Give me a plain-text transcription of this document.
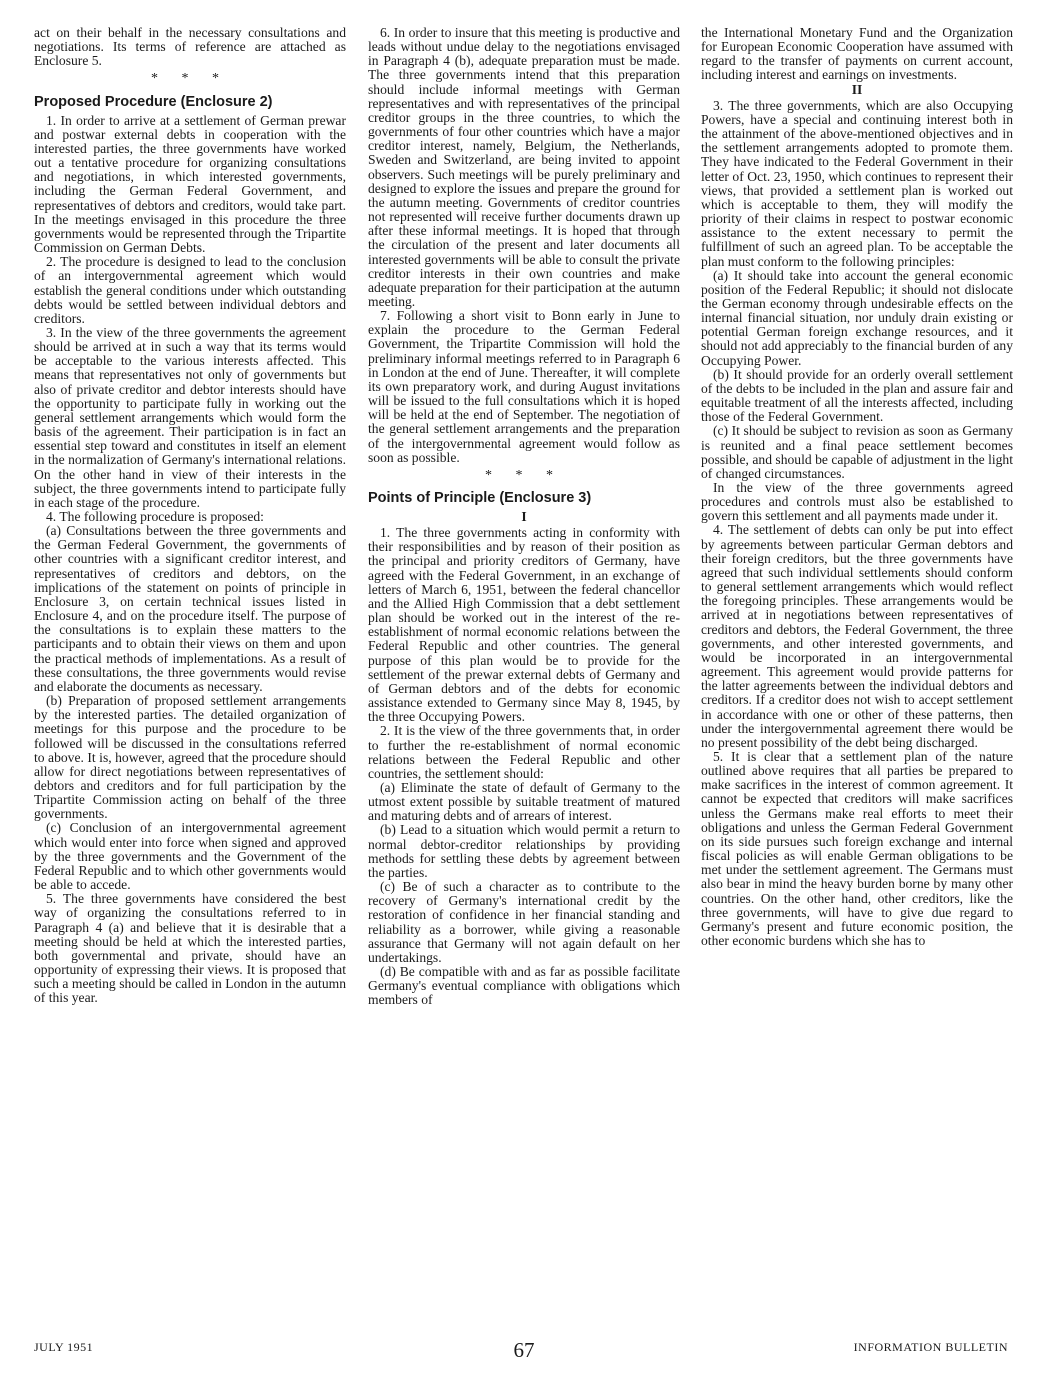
act on their behalf in the necessary consultations and negotiations. Its terms of reference are attached as Enclosure 5.

* * *
Proposed Procedure (Enclosure 2)

1. In order to arrive at a settlement of German prewar and postwar external debts in cooperation with the interested parties, the three governments have worked out a tentative procedure for organizing consultations and negotiations, in which interested governments, including the German Federal Government, and representatives of debtors and creditors, would take part. In the meetings envisaged in this procedure the three governments would be represented through the Tripartite Commission on German Debts.

2. The procedure is designed to lead to the conclusion of an intergovernmental agreement which would establish the general conditions under which outstanding debts would be settled between individual debtors and creditors.

3. In the view of the three governments the agreement should be arrived at in such a way that its terms would be acceptable to the various interests affected. This means that representatives not only of governments but also of private creditor and debtor interests should have the opportunity to participate fully in working out the general settlement arrangements which would form the basis of the agreement. Their participation is in fact an essential step toward and constitutes in itself an element in the normalization of Germany's international relations. On the other hand in view of their interests in the subject, the three governments intend to participate fully in each stage of the procedure.

4. The following procedure is proposed:

(a) Consultations between the three governments and the German Federal Government, the governments of other countries with a significant creditor interest, and representatives of creditors and debtors, on the implications of the statement on points of principle in Enclosure 3, on certain technical issues listed in Enclosure 4, and on the procedure itself. The purpose of the consultations is to explain these matters to the participants and to obtain their views on them and upon the practical methods of implementations. As a result of these consultations, the three governments would revise and elaborate the documents as necessary.

(b) Preparation of proposed settlement arrangements by the interested parties. The detailed organization of meetings for this purpose and the procedure to be followed will be discussed in the consultations referred to above. It is, however, agreed that the procedure should allow for direct negotiations between representatives of debtors and creditors and for full participation by the Tripartite Commission acting on behalf of the three governments.

(c) Conclusion of an intergovernmental agreement which would enter into force when signed and approved by the three governments and the Government of the Federal Republic and to which other governments would be able to accede.

5. The three governments have considered the best way of organizing the consultations referred to in Paragraph 4 (a) and believe that it is desirable that a meeting should be held at which the interested parties, both governmental and private, should have an opportunity of expressing their views. It is proposed that such a meeting should be called in London in the autumn of this year.

6. In order to insure that this meeting is productive and leads without undue delay to the negotiations envisaged in Paragraph 4 (b), adequate preparation must be made. The three governments intend that this preparation should include informal meetings with German representatives and with representatives of the principal creditor groups in the three countries, to which the governments of four other countries which have a major creditor interest, namely, Belgium, the Netherlands, Sweden and Switzerland, are being invited to appoint observers. Such meetings will be purely preliminary and designed to explore the issues and prepare the ground for the autumn meeting. Governments of creditor countries not represented will receive further documents drawn up after these informal meetings. It is hoped that through the circulation of the present and later documents all interested governments will be able to consult the private creditor interests in their own countries and make adequate preparation for their participation at the autumn meeting.

7. Following a short visit to Bonn early in June to explain the procedure to the German Federal Government, the Tripartite Commission will hold the preliminary informal meetings referred to in Paragraph 6 in London at the end of June. Thereafter, it will complete its own preparatory work, and during August invitations will be issued to the full consultations which it is hoped will be held at the end of September. The negotiation of the general settlement arrangements and the preparation of the intergovernmental agreement would follow as soon as possible.

* * *
Points of Principle (Enclosure 3)
I

1. The three governments acting in conformity with their responsibilities and by reason of their position as the principal and priority creditors of Germany, have agreed with the Federal Government, in an exchange of letters of March 6, 1951, between the federal chancellor and the Allied High Commission that a debt settlement plan should be worked out in the interest of the re-establishment of normal economic relations between the Federal Republic and other countries. The general purpose of this plan would be to provide for the settlement of the prewar external debts of Germany and of German debtors and of the debts for economic assistance extended to Germany since May 8, 1945, by the three Occupying Powers.

2. It is the view of the three governments that, in order to further the re-establishment of normal economic relations between the Federal Republic and other countries, the settlement should:

(a) Eliminate the state of default of Germany to the utmost extent possible by suitable treatment of matured and maturing debts and of arrears of interest.

(b) Lead to a situation which would permit a return to normal debtor-creditor relationships by providing methods for settling these debts by agreement between the parties.

(c) Be of such a character as to contribute to the recovery of Germany's international credit by the restoration of confidence in her financial standing and reliability as a borrower, while giving a reasonable assurance that Germany will not again default on her undertakings.

(d) Be compatible with and as far as possible facilitate Germany's eventual compliance with obligations which members of

the International Monetary Fund and the Organization for European Economic Cooperation have assumed with regard to the transfer of payments on current account, including interest and earnings on investments.

II

3. The three governments, which are also Occupying Powers, have a special and continuing interest both in the attainment of the above-mentioned objectives and in the settlement arrangements adopted to promote them. They have indicated to the Federal Government in their letter of Oct. 23, 1950, which continues to represent their views, that provided a settlement plan is worked out which is acceptable to them, they will modify the priority of their claims in respect to postwar economic assistance to the extent necessary to permit the fulfillment of such an agreed plan. To be acceptable the plan must conform to the following principles:

(a) It should take into account the general economic position of the Federal Republic; it should not dislocate the German economy through undesirable effects on the internal financial situation, nor unduly drain existing or potential German foreign exchange resources, and it should not add appreciably to the financial burden of any Occupying Power.

(b) It should provide for an orderly overall settlement of the debts to be included in the plan and assure fair and equitable treatment of all the interests affected, including those of the Federal Government.

(c) It should be subject to revision as soon as Germany is reunited and a final peace settlement becomes possible, and should be capable of adjustment in the light of changed circumstances.

In the view of the three governments agreed procedures and controls must also be established to govern this settlement and all payments made under it.

4. The settlement of debts can only be put into effect by agreements between particular German debtors and their foreign creditors, but the three governments have agreed that such individual settlements should conform to general settlement arrangements which would reflect the foregoing principles. These arrangements would be arrived at in negotiations between representatives of creditors and debtors, the Federal Government, the three governments, and other interested governments, and would be incorporated in an intergovernmental agreement. This agreement would provide patterns for the latter agreements between the individual debtors and creditors. If a creditor does not wish to accept settlement in accordance with one or other of these patterns, then under the intergovernmental agreement there would be no present possibility of the debt being discharged.

5. It is clear that a settlement plan of the nature outlined above requires that all parties be prepared to make sacrifices in the interest of common agreement. It cannot be expected that creditors will make sacrifices unless the Germans make real efforts to meet their obligations and unless the German Federal Government on its side pursues such foreign exchange and internal fiscal policies as will enable German obligations to be met under the settlement agreement. The Germans must also bear in mind the heavy burden borne by many other countries. On the other hand, other creditors, like the three governments, will have to give due regard to Germany's present and future economic position, the other economic burdens which she has to

JULY 1951	67	INFORMATION BULLETIN
